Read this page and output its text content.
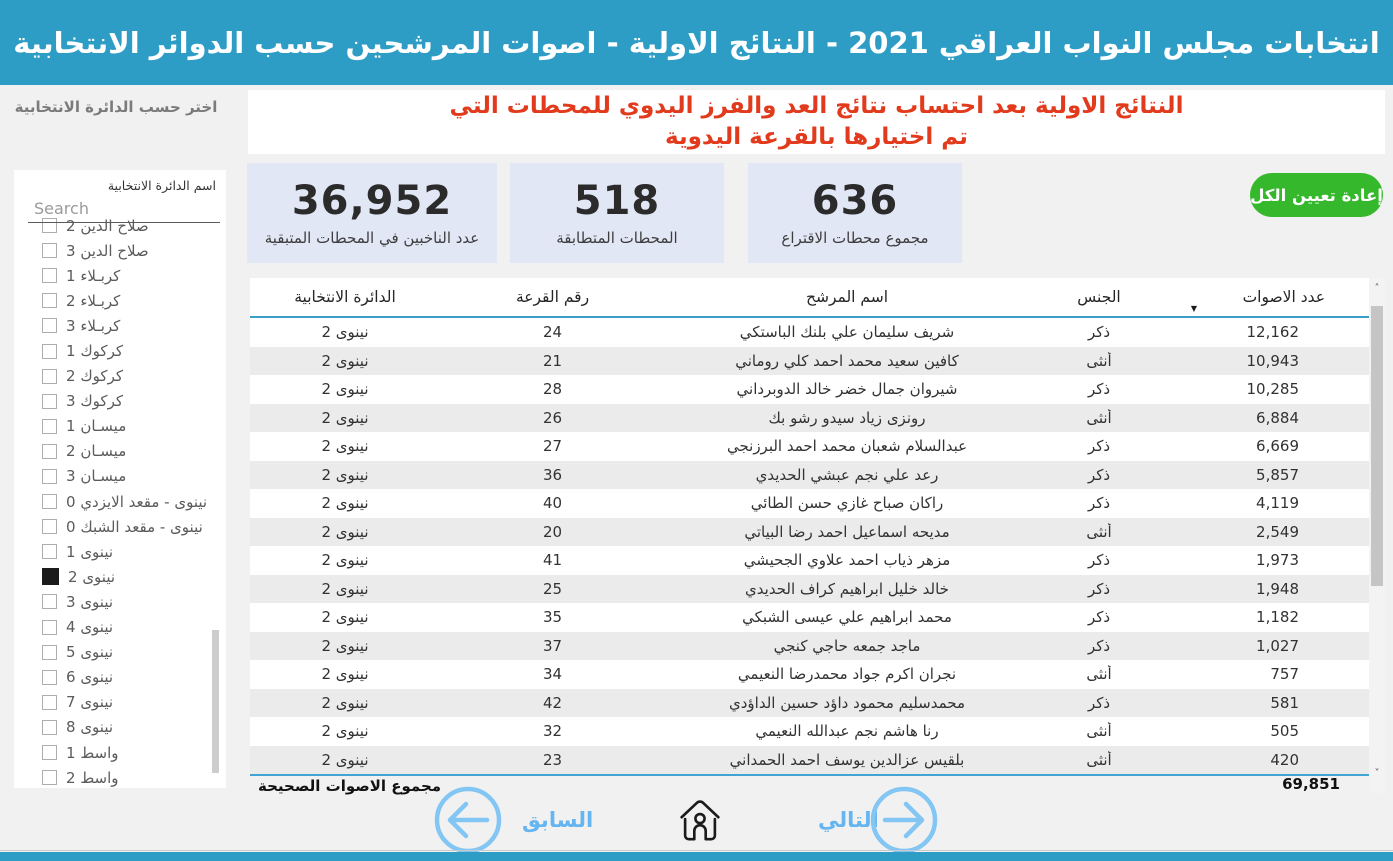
انتخابات مجلس النواب العراقي 2021 - النتائج الاولية - اصوات المرشحين حسب الدوائر الانتخابية
اختر حسب الدائرة الانتخابية
اسم الدائرة الانتخابية
Search
صلاح الدين 2
صلاح الدين 3
كربـلاء 1
كربـلاء 2
كربـلاء 3
كركوك 1
كركوك 2
كركوك 3
ميسـان 1
ميسـان 2
ميسـان 3
نينوى - مقعد الايزدي 0
نينوى - مقعد الشبك 0
نينوى 1
نينوى 2
نينوى 3
نينوى 4
نينوى 5
نينوى 6
نينوى 7
نينوى 8
واسط 1
واسط 2
النتائج الاولية بعد احتساب نتائج العد والفرز اليدوي للمحطات التي تم اختيارها بالقرعة اليدوية
36,952
عدد الناخبين في المحطات المتبقية
518
المحطات المتطابقة
636
مجموع محطات الاقتراع
إعادة تعيين الكل
عدد الاصوات
الجنس
اسم المرشح
رقم القرعة
الدائرة الانتخابية
▼
12,162
ذكر
شريف سليمان علي بلنك الباستكي
24
نينوى 2
10,943
أنثى
كافين سعيد محمد احمد كلي روماني
21
نينوى 2
10,285
ذكر
شيروان جمال خضر خالد الدوبرداني
28
نينوى 2
6,884
أنثى
رونزى زياد سيدو رشو بك
26
نينوى 2
6,669
ذكر
عبدالسلام شعبان محمد احمد البرزنجي
27
نينوى 2
5,857
ذكر
رعد علي نجم عبشي الحديدي
36
نينوى 2
4,119
ذكر
راكان صباح غازي حسن الطائي
40
نينوى 2
2,549
أنثى
مديحه اسماعيل احمد رضا البياتي
20
نينوى 2
1,973
ذكر
مزهر ذياب احمد علاوي الجحيشي
41
نينوى 2
1,948
ذكر
خالد خليل ابراهيم كراف الحديدي
25
نينوى 2
1,182
ذكر
محمد ابراهيم علي عيسى الشبكي
35
نينوى 2
1,027
ذكر
ماجد جمعه حاجي كنجي
37
نينوى 2
757
أنثى
نجران اكرم جواد محمدرضا النعيمي
34
نينوى 2
581
ذكر
محمدسليم محمود داؤد حسين الداؤدي
42
نينوى 2
505
أنثى
رنا هاشم نجم عبدالله النعيمي
32
نينوى 2
420
أنثى
بلقيس عزالدين يوسف احمد الحمداني
23
نينوى 2
˄
˅
مجموع الاصوات الصحيحة	69,851
التالي
السابق
